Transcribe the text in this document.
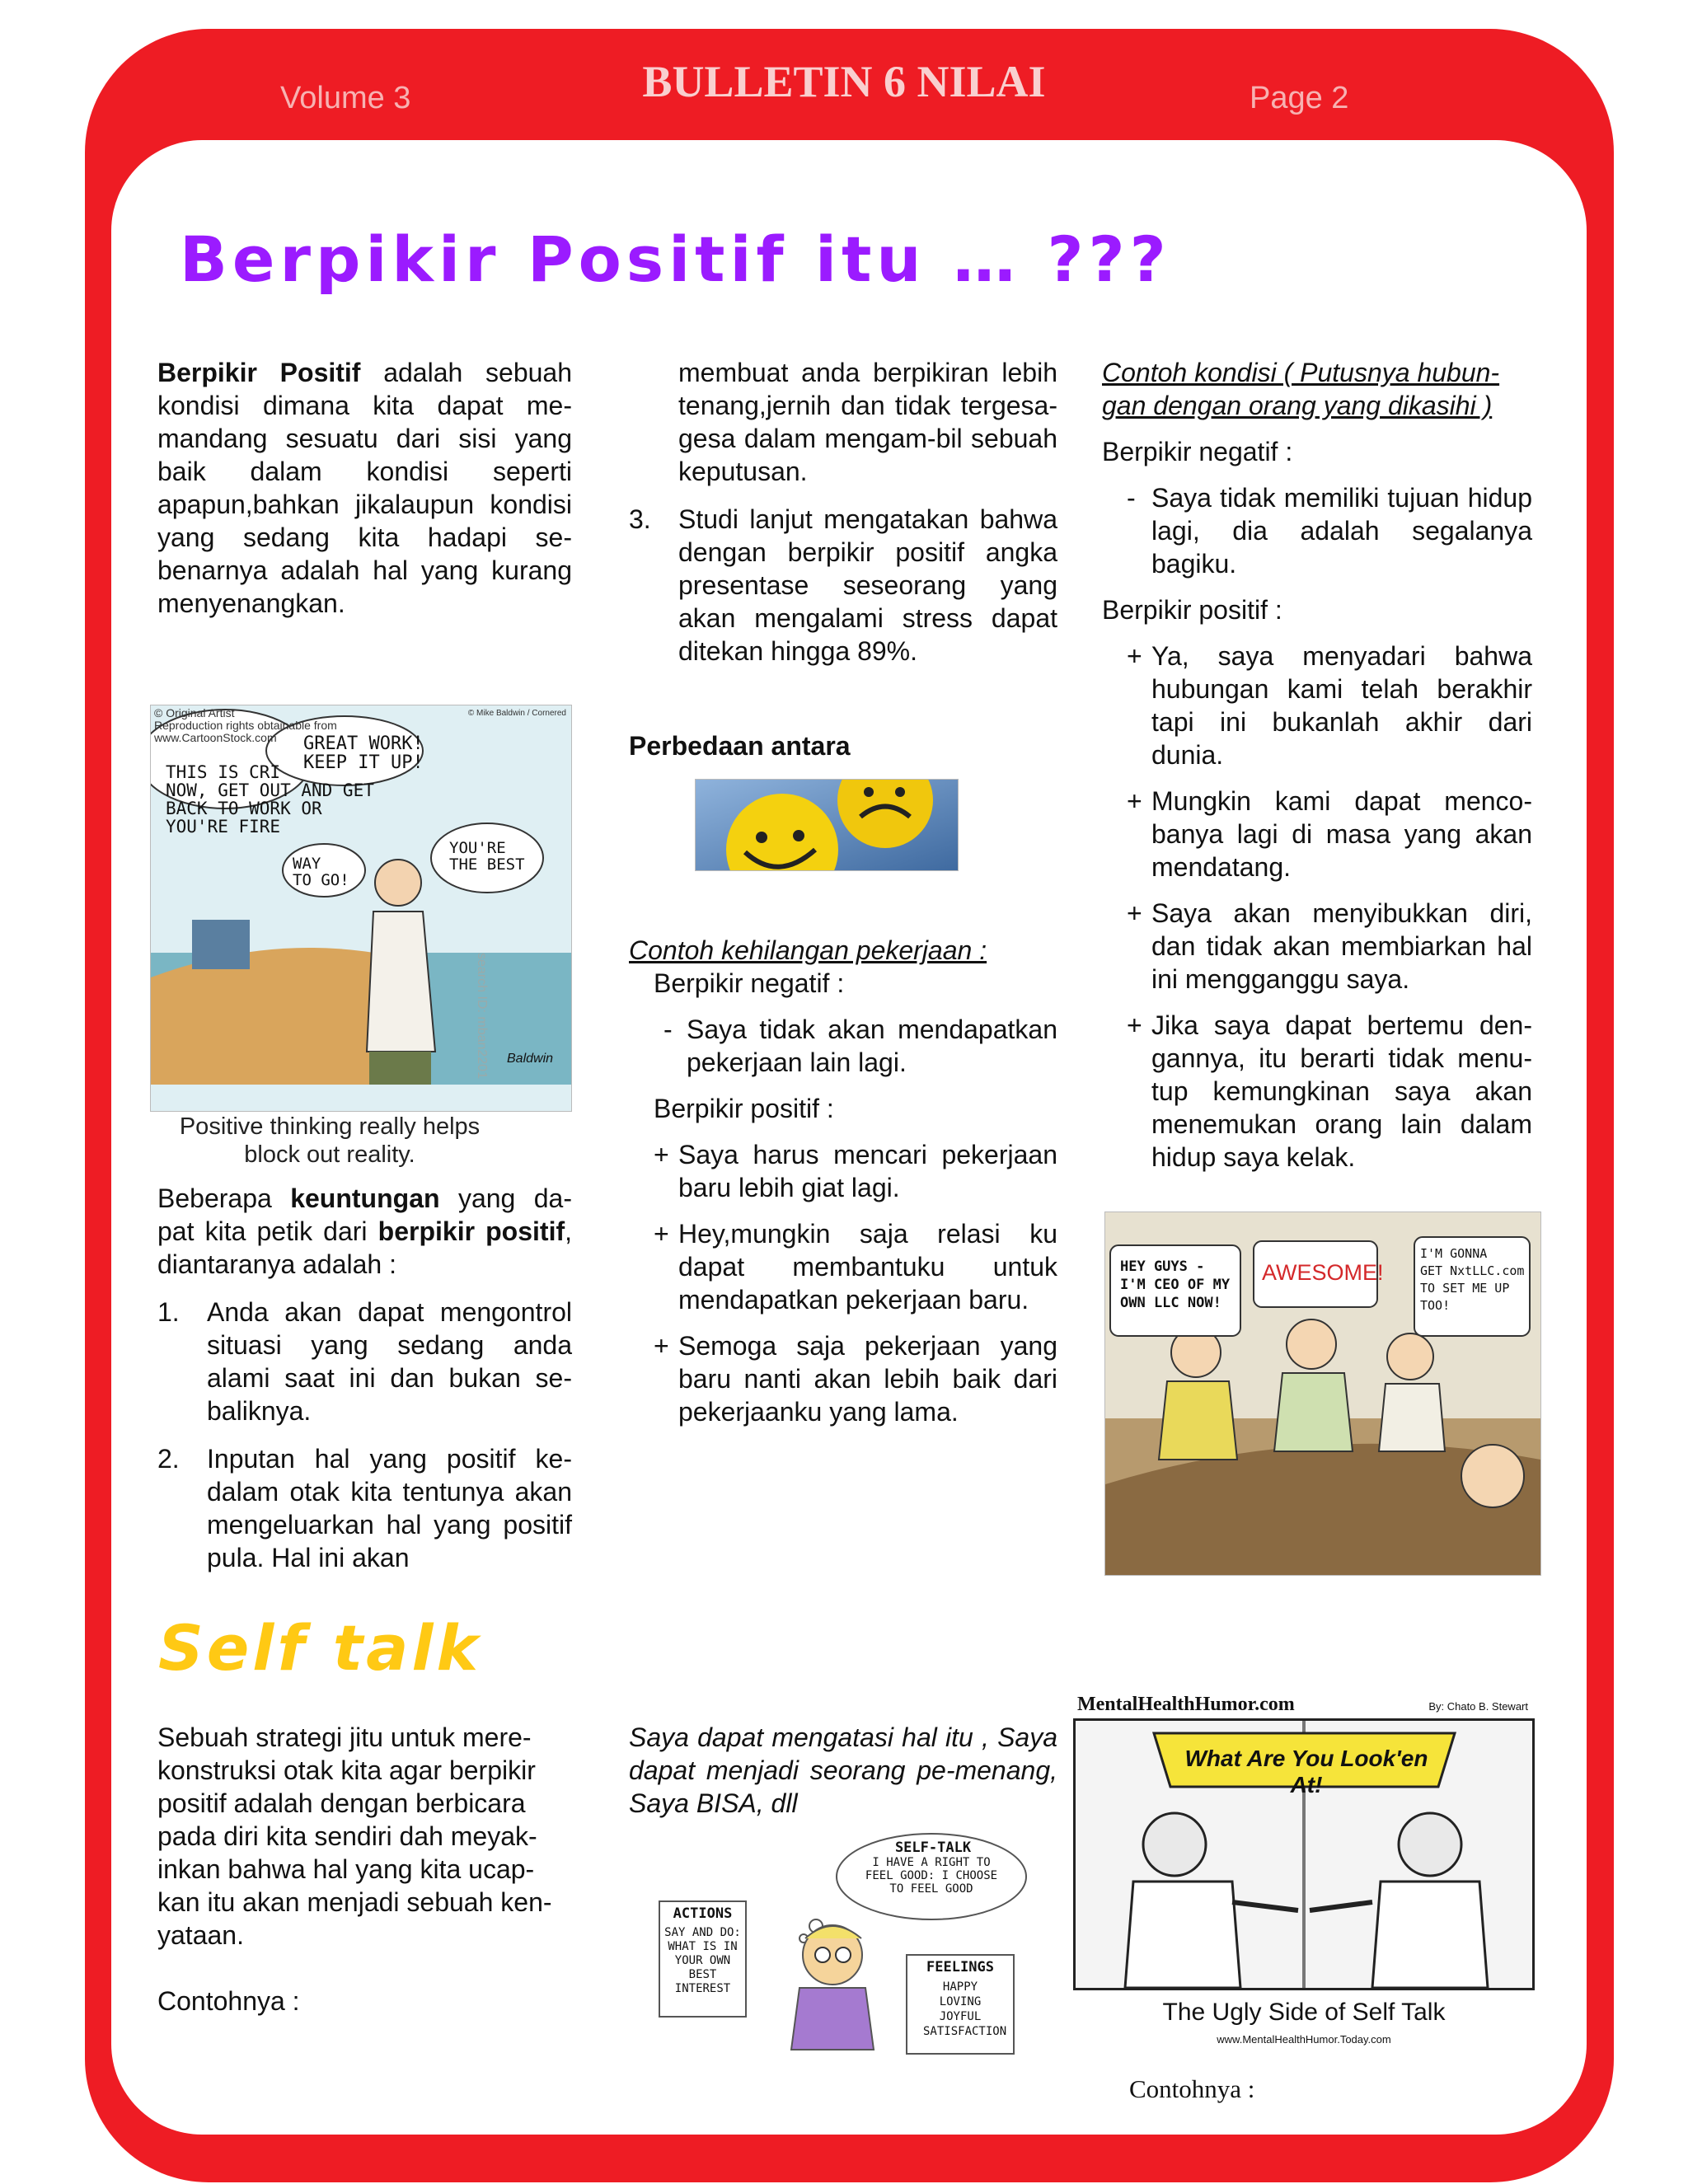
Volume 3	BULLETIN 6 NILAI	Page 2
Berpikir Positif itu … ???

Berpikir Positif adalah sebuah kondisi dimana kita dapat me-mandang sesuatu dari sisi yang baik dalam kondisi seperti apapun,bahkan jikalaupun kondisi yang sedang kita hadapi se-benarnya adalah hal yang kurang menyenangkan.

© Original Artist
Reproduction rights obtainable from
www.CartoonStock.com
© Mike Baldwin / Cornered
THIS IS CRI
NOW, GET OUT AND GET
BACK TO WORK OR
YOU'RE FIRE
GREAT WORK!
KEEP IT UP!
WAY
TO GO!
YOU'RE
THE BEST
search ID: mban2201 Baldwin
Positive thinking really helps block out reality.

Beberapa keuntungan yang da-pat kita petik dari berpikir positif, diantaranya adalah :

1.	Anda akan dapat mengontrol situasi yang sedang anda alami saat ini dan bukan se-baliknya.
2.	Inputan hal yang positif ke-dalam otak kita tentunya akan mengeluarkan hal yang positif pula. Hal ini akan

membuat anda berpikiran lebih tenang,jernih dan tidak tergesa-gesa dalam mengam-bil sebuah keputusan.

3.	Studi lanjut mengatakan bahwa dengan berpikir positif angka presentase seseorang yang akan mengalami stress dapat ditekan hingga 89%.
Perbedaan antara

Contoh kehilangan pekerjaan :

Berpikir negatif :

- Saya tidak akan mendapatkan pekerjaan lain lagi.

Berpikir positif :

+ Saya harus mencari pekerjaan baru lebih giat lagi.
+ Hey,mungkin saja relasi ku dapat membantuku untuk mendapatkan pekerjaan baru.
+ Semoga saja pekerjaan yang baru nanti akan lebih baik dari pekerjaanku yang lama.

Contoh kondisi ( Putusnya hubun-gan dengan orang yang dikasihi )

Berpikir negatif :

- Saya tidak memiliki tujuan hidup lagi, dia adalah segalanya bagiku.

Berpikir positif :

+ Ya, saya menyadari bahwa hubungan kami telah berakhir tapi ini bukanlah akhir dari dunia.
+ Mungkin kami dapat menco-banya lagi di masa yang akan mendatang.
+ Saya akan menyibukkan diri, dan tidak akan membiarkan hal ini mengganggu saya.
+ Jika saya dapat bertemu den-gannya, itu berarti tidak menu-tup kemungkinan saya akan menemukan orang lain dalam hidup saya kelak.
HEY GUYS -
I'M CEO OF MY
OWN LLC NOW!
AWESOME!
I'M GONNA
GET NxtLLC.com
TO SET ME UP
TOO!
Self talk

Sebuah strategi jitu untuk mere-konstruksi otak kita agar berpikir positif adalah dengan berbicara pada diri kita sendiri dah meyak-inkan bahwa hal yang kita ucap-kan itu akan menjadi sebuah ken-yataan.

Contohnya :

Saya dapat mengatasi hal itu , Saya dapat menjadi seorang pe-menang, Saya BISA, dll
SELF-TALK
I HAVE A RIGHT TO FEEL GOOD: I CHOOSE TO FEEL GOOD
ACTIONS
SAY AND DO: WHAT IS IN YOUR OWN BEST INTEREST
FEELINGS
HAPPY LOVING JOYFUL SATISFACTION
MentalHealthHumor.com	By: Chato B. Stewart
What Are You Look'en At!
The Ugly Side of Self Talk
www.MentalHealthHumor.Today.com
Contohnya :
